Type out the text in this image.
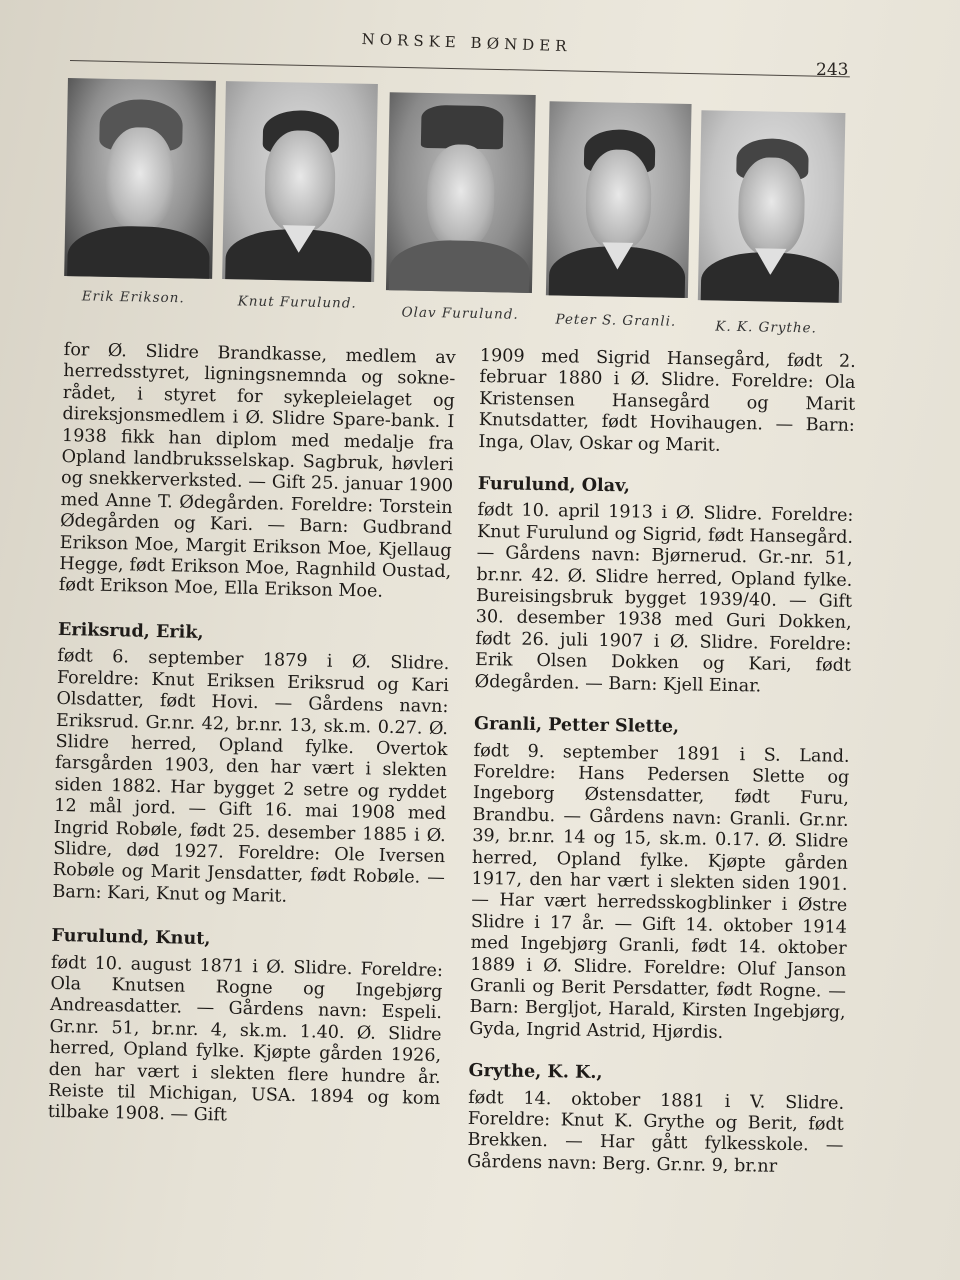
NORSKE BØNDER
243
Erik Erikson.	Knut Furulund.
Olav Furulund.	Peter S. Granli.	K. K. Grythe.

for Ø. Slidre Brandkasse, medlem av herredsstyret, ligningsnemnda og sokne-rådet, i styret for sykepleielaget og direksjonsmedlem i Ø. Slidre Spare-bank. I 1938 fikk han diplom med medalje fra Opland landbruksselskap. Sagbruk, høvleri og snekkerverksted. — Gift 25. januar 1900 med Anne T. Ødegården. Foreldre: Torstein Ødegården og Kari. — Barn: Gudbrand Erikson Moe, Margit Erikson Moe, Kjellaug Hegge, født Erikson Moe, Ragnhild Oustad, født Erikson Moe, Ella Erikson Moe.

Eriksrud, Erik,

født 6. september 1879 i Ø. Slidre. Foreldre: Knut Eriksen Eriksrud og Kari Olsdatter, født Hovi. — Gårdens navn: Eriksrud. Gr.nr. 42, br.nr. 13, sk.m. 0.27. Ø. Slidre herred, Opland fylke. Overtok farsgården 1903, den har vært i slekten siden 1882. Har bygget 2 setre og ryddet 12 mål jord. — Gift 16. mai 1908 med Ingrid Robøle, født 25. desember 1885 i Ø. Slidre, død 1927. Foreldre: Ole Iversen Robøle og Marit Jensdatter, født Robøle. — Barn: Kari, Knut og Marit.

Furulund, Knut,

født 10. august 1871 i Ø. Slidre. Foreldre: Ola Knutsen Rogne og Ingebjørg Andreasdatter. — Gårdens navn: Espeli. Gr.nr. 51, br.nr. 4, sk.m. 1.40. Ø. Slidre herred, Opland fylke. Kjøpte gården 1926, den har vært i slekten flere hundre år. Reiste til Michigan, USA. 1894 og kom tilbake 1908. — Gift

1909 med Sigrid Hansegård, født 2. februar 1880 i Ø. Slidre. Foreldre: Ola Kristensen Hansegård og Marit Knutsdatter, født Hovihaugen. — Barn: Inga, Olav, Oskar og Marit.

Furulund, Olav,

født 10. april 1913 i Ø. Slidre. Foreldre: Knut Furulund og Sigrid, født Hansegård. — Gårdens navn: Bjørnerud. Gr.-nr. 51, br.nr. 42. Ø. Slidre herred, Opland fylke. Bureisingsbruk bygget 1939/40. — Gift 30. desember 1938 med Guri Dokken, født 26. juli 1907 i Ø. Slidre. Foreldre: Erik Olsen Dokken og Kari, født Ødegården. — Barn: Kjell Einar.

Granli, Petter Slette,

født 9. september 1891 i S. Land. Foreldre: Hans Pedersen Slette og Ingeborg Østensdatter, født Furu, Brandbu. — Gårdens navn: Granli. Gr.nr. 39, br.nr. 14 og 15, sk.m. 0.17. Ø. Slidre herred, Opland fylke. Kjøpte gården 1917, den har vært i slekten siden 1901. — Har vært herredsskogblinker i Østre Slidre i 17 år. — Gift 14. oktober 1914 med Ingebjørg Granli, født 14. oktober 1889 i Ø. Slidre. Foreldre: Oluf Janson Granli og Berit Persdatter, født Rogne. — Barn: Bergljot, Harald, Kirsten Ingebjørg, Gyda, Ingrid Astrid, Hjørdis.

Grythe, K. K.,

født 14. oktober 1881 i V. Slidre. Foreldre: Knut K. Grythe og Berit, født Brekken. — Har gått fylkesskole. — Gårdens navn: Berg. Gr.nr. 9, br.nr
